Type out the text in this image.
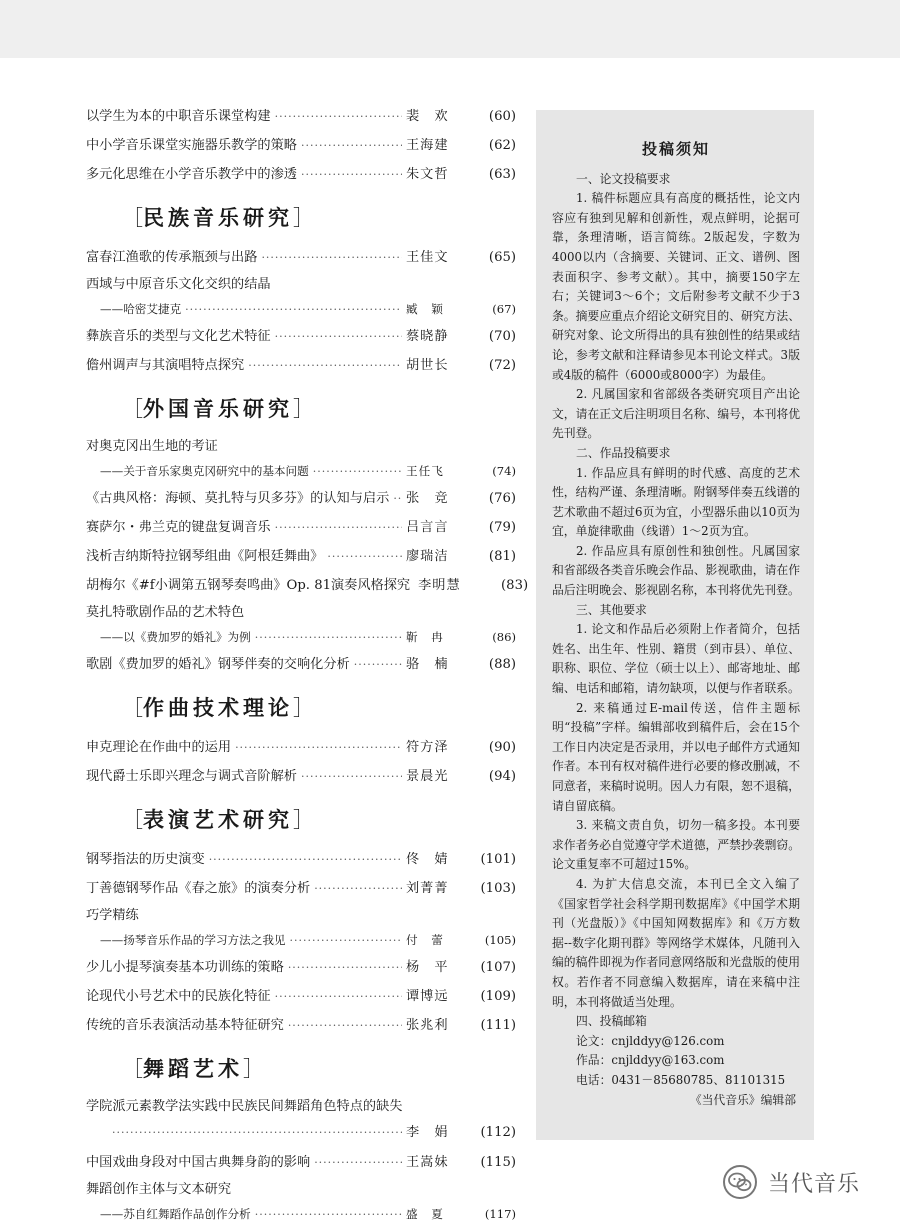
以学生为本的中职音乐课堂构建 ·····	裴　欢	(60)
中小学音乐课堂实施器乐教学的策略 ·····	王海建	(62)
多元化思维在小学音乐教学中的渗透 ·····	朱文哲	(63)
［民族音乐研究］
富春江渔歌的传承瓶颈与出路 ·····	王佳文	(65)
西域与中原音乐文化交织的结晶
——哈密艾捷克 ·····	臧　颖	(67)
彝族音乐的类型与文化艺术特征 ·····	蔡晓静	(70)
儋州调声与其演唱特点探究 ·····	胡世长	(72)
［外国音乐研究］
对奥克冈出生地的考证
——关于音乐家奥克冈研究中的基本问题 ·····	王任飞	(74)
《古典风格：海顿、莫扎特与贝多芬》的认知与启示 ····· 张　竞	(76)
赛萨尔・弗兰克的键盘复调音乐 ·····	吕言言	(79)
浅析吉纳斯特拉钢琴组曲《阿根廷舞曲》 ·····	廖瑞洁	(81)
胡梅尔《#f小调第五钢琴奏鸣曲》Op. 81演奏风格探究 李明慧	(83)
莫扎特歌剧作品的艺术特色
——以《费加罗的婚礼》为例 ·····	靳　冉	(86)
歌剧《费加罗的婚礼》钢琴伴奏的交响化分析 ·····	骆　楠	(88)
［作曲技术理论］
申克理论在作曲中的运用 ·····	符方泽	(90)
现代爵士乐即兴理念与调式音阶解析 ·····	景晨光	(94)
［表演艺术研究］
钢琴指法的历史演变 ·····	佟　婧	(101)
丁善德钢琴作品《春之旅》的演奏分析 ·····	刘菁菁	(103)
巧学精练
——扬琴音乐作品的学习方法之我见 ·····	付　蕾	(105)
少儿小提琴演奏基本功训练的策略 ·····	杨　平	(107)
论现代小号艺术中的民族化特征 ·····	谭博远	(109)
传统的音乐表演活动基本特征研究 ·····	张兆利	(111)
［舞蹈艺术］
学院派元素教学法实践中民族民间舞蹈角色特点的缺失
·····
李　娟	(112)
中国戏曲身段对中国古典舞身韵的影响 ·····	王嵩妹	(115)
舞蹈创作主体与文本研究
——苏自红舞蹈作品创作分析 ·····	盛　夏	(117)
投稿须知
一、论文投稿要求
1. 稿件标题应具有高度的概括性，论文内容应有独到见解和创新性，观点鲜明，论据可靠，条理清晰，语言简练。2版起发，字数为4000以内（含摘要、关键词、正文、谱例、图表面积字、参考文献）。其中，摘要150字左右；关键词3～6个；文后附参考文献不少于3条。摘要应重点介绍论文研究目的、研究方法、研究对象、论文所得出的具有独创性的结果或结论，参考文献和注释请参见本刊论文样式。3版或4版的稿件（6000或8000字）为最佳。
2. 凡属国家和省部级各类研究项目产出论文，请在正文后注明项目名称、编号，本刊将优先刊登。
二、作品投稿要求
1. 作品应具有鲜明的时代感、高度的艺术性，结构严谨、条理清晰。附钢琴伴奏五线谱的艺术歌曲不超过6页为宜，小型器乐曲以10页为宜，单旋律歌曲（线谱）1～2页为宜。
2. 作品应具有原创性和独创性。凡属国家和省部级各类音乐晚会作品、影视歌曲，请在作品后注明晚会、影视剧名称，本刊将优先刊登。
三、其他要求
1. 论文和作品后必须附上作者简介，包括姓名、出生年、性别、籍贯（到市县）、单位、职称、职位、学位（硕士以上）、邮寄地址、邮编、电话和邮箱，请勿缺项，以便与作者联系。
2. 来稿通过E-mail传送，信件主题标明“投稿”字样。编辑部收到稿件后，会在15个工作日内决定是否录用，并以电子邮件方式通知作者。本刊有权对稿件进行必要的修改删减，不同意者，来稿时说明。因人力有限，恕不退稿，请自留底稿。
3. 来稿文责自负，切勿一稿多投。本刊要求作者务必自觉遵守学术道德，严禁抄袭剽窃。论文重复率不可超过15%。
4. 为扩大信息交流，本刊已全文入编了《国家哲学社会科学期刊数据库》《中国学术期刊（光盘版）》《中国知网数据库》和《万方数据--数字化期刊群》等网络学术媒体，凡随刊入编的稿件即视为作者同意网络版和光盘版的使用权。若作者不同意编入数据库，请在来稿中注明，本刊将做适当处理。
四、投稿邮箱
论文：cnjlddyy@126.com
作品：cnjlddyy@163.com
电话：0431－85680785、81101315
《当代音乐》编辑部
当代音乐
